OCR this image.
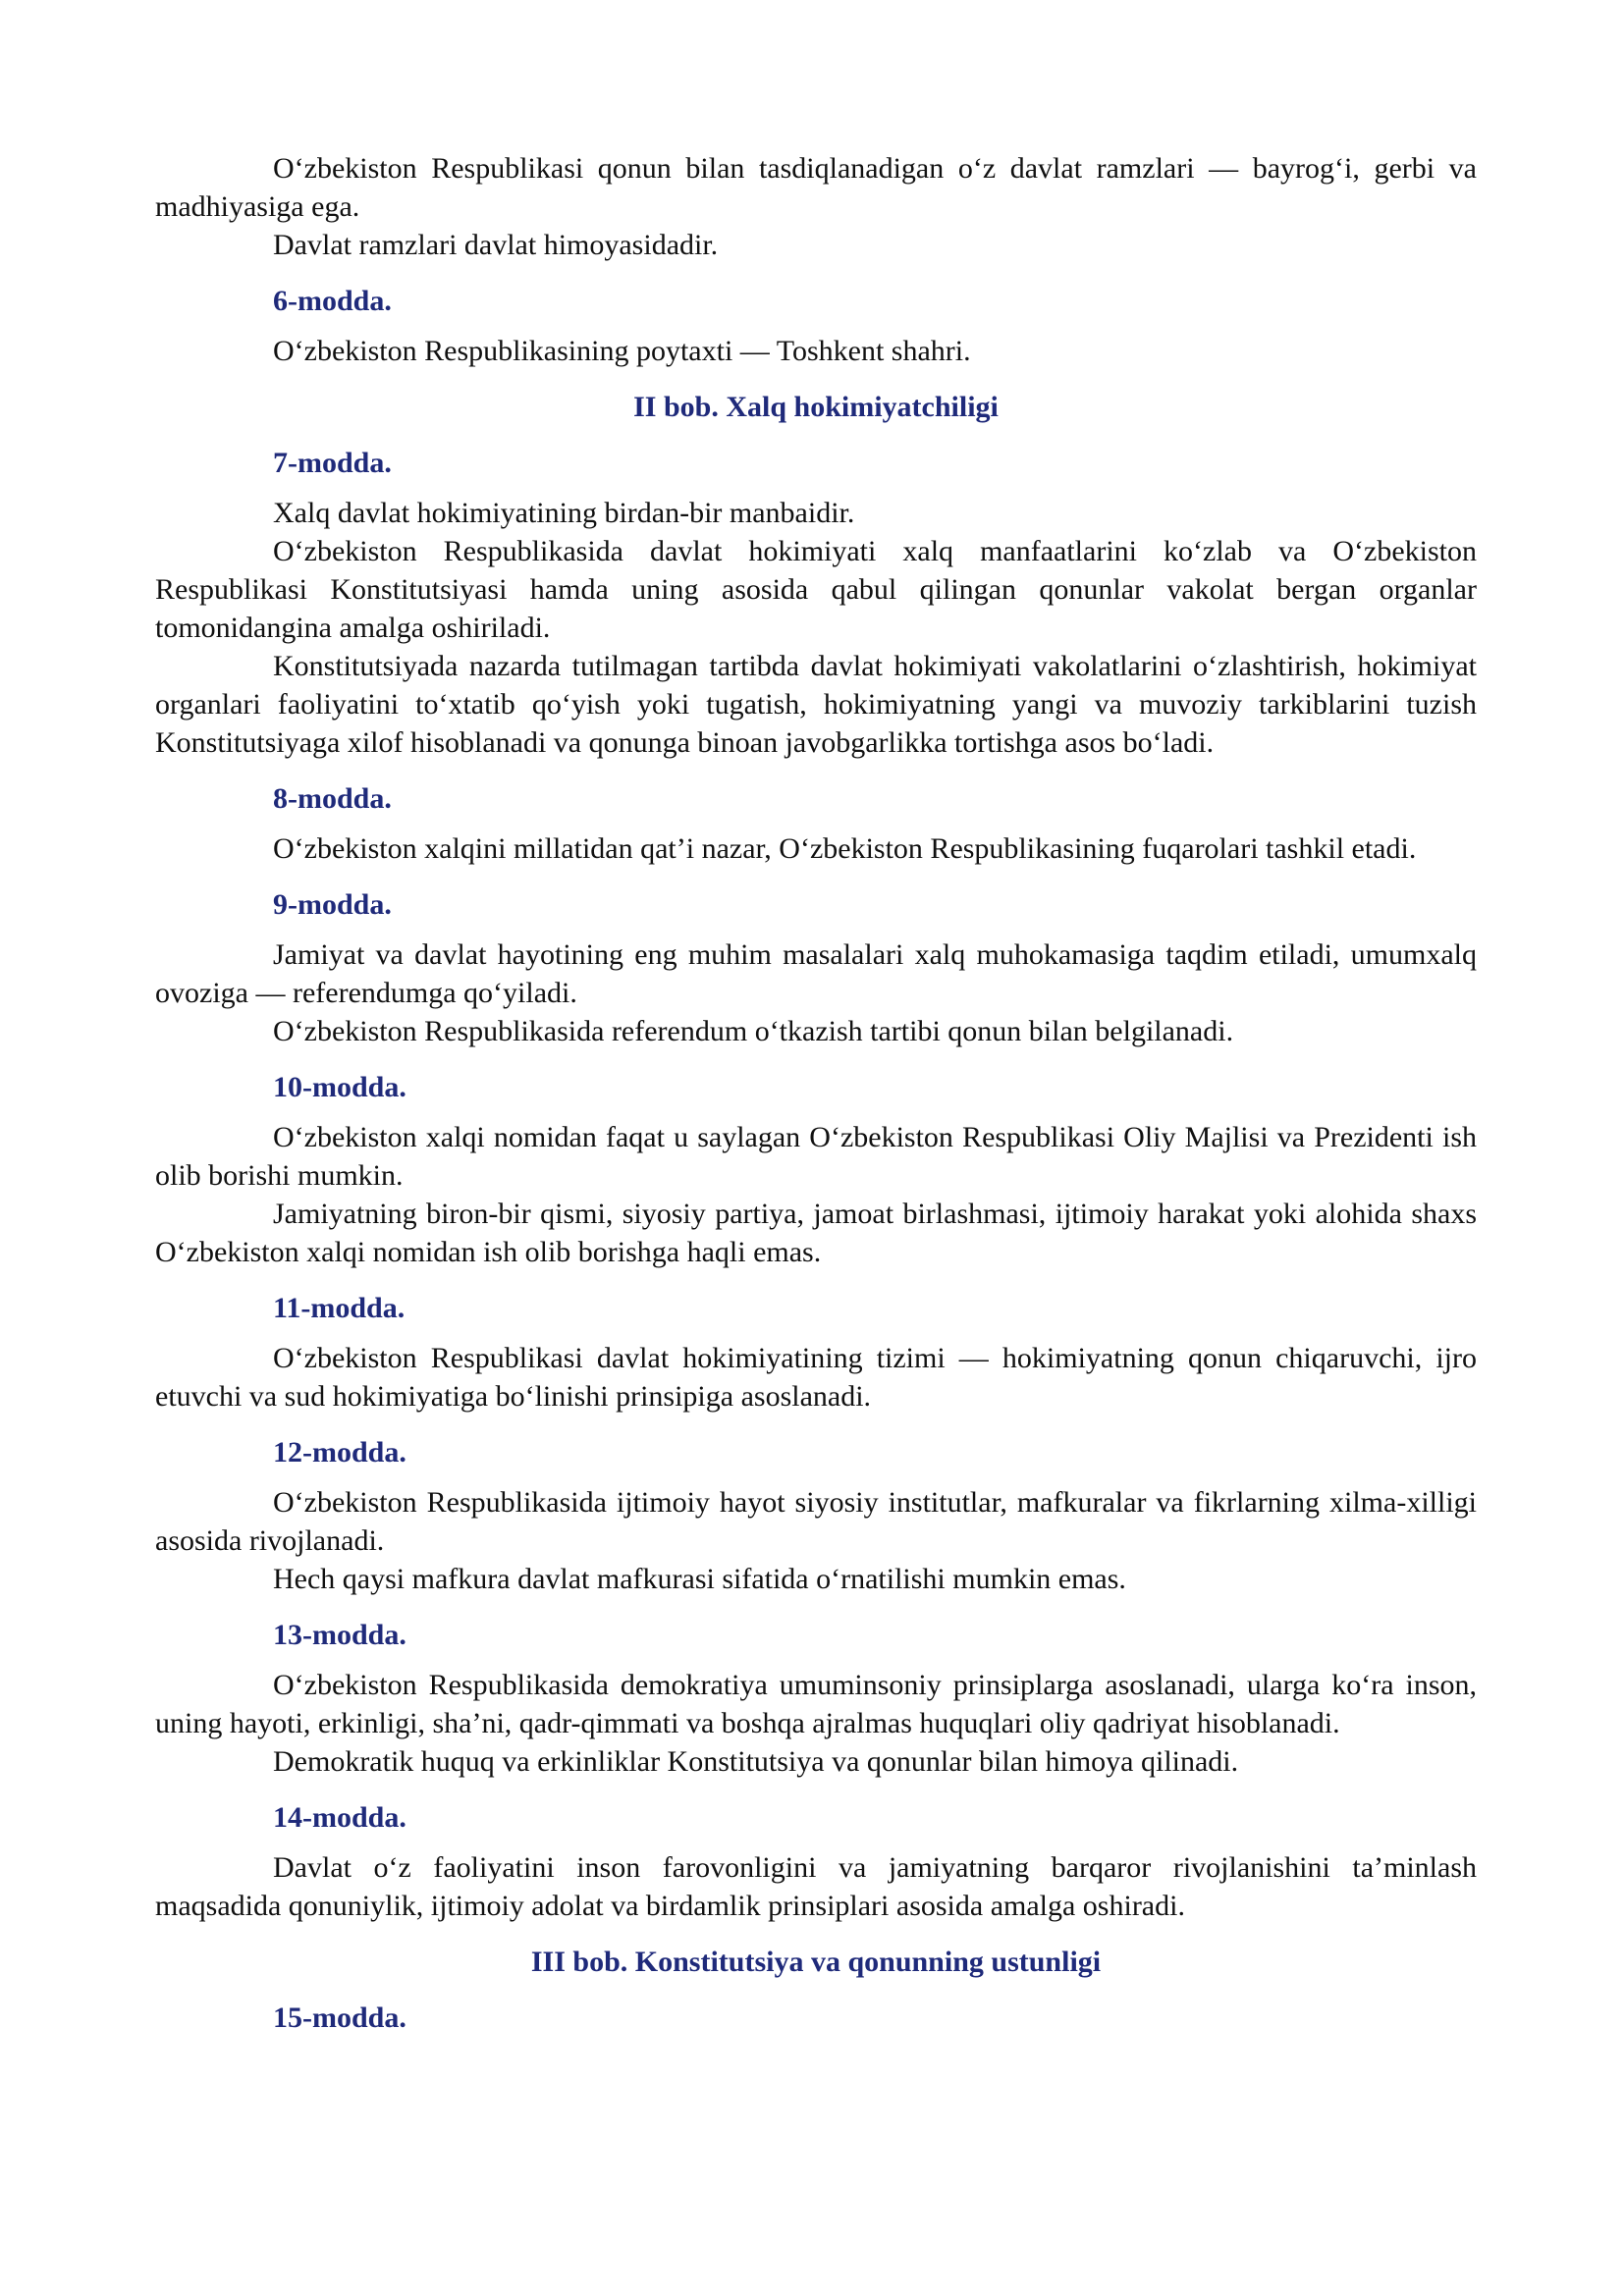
O‘zbekiston Respublikasi qonun bilan tasdiqlanadigan o‘z davlat ramzlari — bayrog‘i, gerbi va madhiyasiga ega.

Davlat ramzlari davlat himoyasidadir.

6-modda.

O‘zbekiston Respublikasining poytaxti — Toshkent shahri.

II bob. Xalq hokimiyatchiligi
7-modda.

Xalq davlat hokimiyatining birdan-bir manbaidir.

O‘zbekiston Respublikasida davlat hokimiyati xalq manfaatlarini ko‘zlab va O‘zbekiston Respublikasi Konstitutsiyasi hamda uning asosida qabul qilingan qonunlar vakolat bergan organlar tomonidangina amalga oshiriladi.

Konstitutsiyada nazarda tutilmagan tartibda davlat hokimiyati vakolatlarini o‘zlashtirish, hokimiyat organlari faoliyatini to‘xtatib qo‘yish yoki tugatish, hokimiyatning yangi va muvoziy tarkiblarini tuzish Konstitutsiyaga xilof hisoblanadi va qonunga binoan javobgarlikka tortishga asos bo‘ladi.

8-modda.

O‘zbekiston xalqini millatidan qat’i nazar, O‘zbekiston Respublikasining fuqarolari tashkil etadi.

9-modda.

Jamiyat va davlat hayotining eng muhim masalalari xalq muhokamasiga taqdim etiladi, umumxalq ovoziga — referendumga qo‘yiladi.

O‘zbekiston Respublikasida referendum o‘tkazish tartibi qonun bilan belgilanadi.

10-modda.

O‘zbekiston xalqi nomidan faqat u saylagan O‘zbekiston Respublikasi Oliy Majlisi va Prezidenti ish olib borishi mumkin.

Jamiyatning biron-bir qismi, siyosiy partiya, jamoat birlashmasi, ijtimoiy harakat yoki alohida shaxs O‘zbekiston xalqi nomidan ish olib borishga haqli emas.

11-modda.

O‘zbekiston Respublikasi davlat hokimiyatining tizimi — hokimiyatning qonun chiqaruvchi, ijro etuvchi va sud hokimiyatiga bo‘linishi prinsipiga asoslanadi.

12-modda.

O‘zbekiston Respublikasida ijtimoiy hayot siyosiy institutlar, mafkuralar va fikrlarning xilma-xilligi asosida rivojlanadi.

Hech qaysi mafkura davlat mafkurasi sifatida o‘rnatilishi mumkin emas.

13-modda.

O‘zbekiston Respublikasida demokratiya umuminsoniy prinsiplarga asoslanadi, ularga ko‘ra inson, uning hayoti, erkinligi, sha’ni, qadr-qimmati va boshqa ajralmas huquqlari oliy qadriyat hisoblanadi.

Demokratik huquq va erkinliklar Konstitutsiya va qonunlar bilan himoya qilinadi.

14-modda.

Davlat o‘z faoliyatini inson farovonligini va jamiyatning barqaror rivojlanishini ta’minlash maqsadida qonuniylik, ijtimoiy adolat va birdamlik prinsiplari asosida amalga oshiradi.

III bob. Konstitutsiya va qonunning ustunligi
15-modda.
